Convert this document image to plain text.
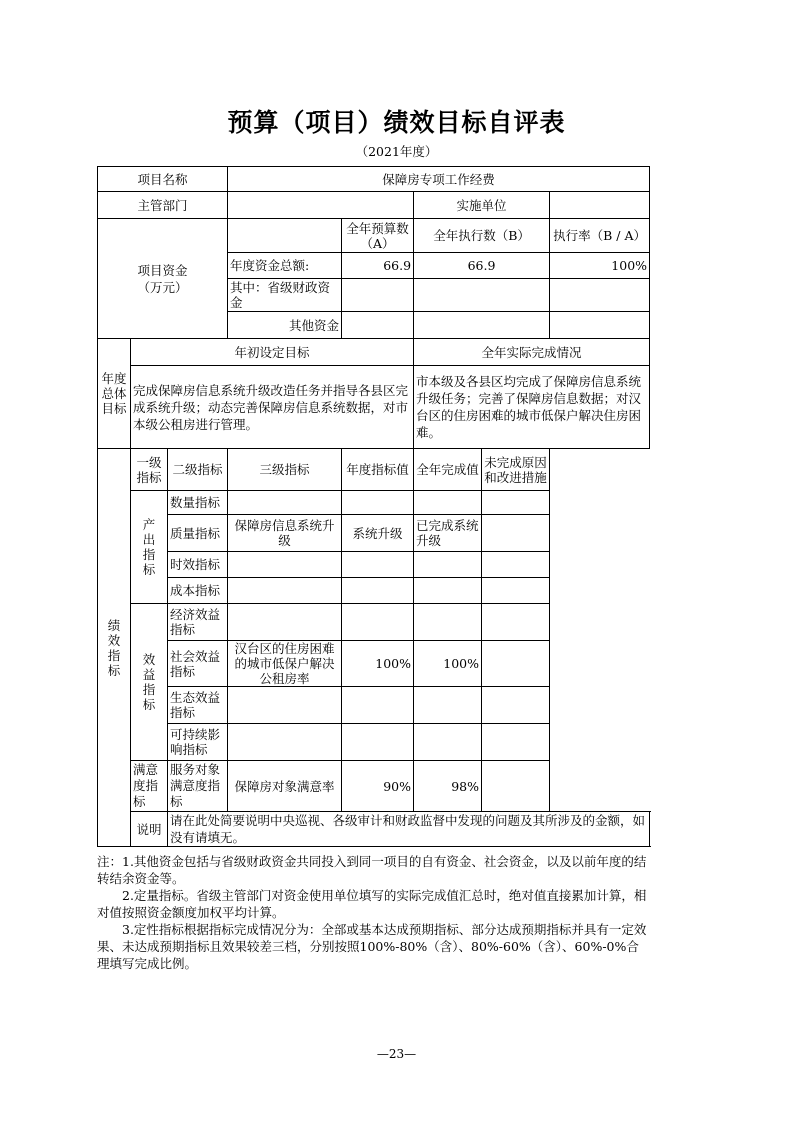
预算（项目）绩效目标自评表
（2021年度）
项目名称			保障房专项工作经费				
主管部门					实施单位		
项目资金
（万元）				全年预算数（A）	全年执行数（B）		执行率（B / A）
			年度资金总额:	66.9	66.9		100%
			其中：省级财政资金				
			其他资金				
年度总体目标	年初设定目标				全年实际完成情况		
	完成保障房信息系统升级改造任务并指导各县区完成系统升级；动态完善保障房信息系统数据，对市本级公租房进行管理。				市本级及各县区均完成了保障房信息系统升级任务；完善了保障房信息数据；对汉台区的住房困难的城市低保户解决住房困难。		
绩效指标	一级指标	二级指标	三级指标	年度指标值	全年完成值	未完成原因和改进措施	
	产出指标	数量指标					
		质量指标	保障房信息系统升级	系统升级	已完成系统升级		
		时效指标					
		成本指标					
	效益指标	经济效益指标					
		社会效益指标	汉台区的住房困难的城市低保户解决公租房率	100%	100%		
		生态效益指标					
		可持续影响指标					
	满意度指标	服务对象满意度指标	保障房对象满意率	90%	98%		
	说明	请在此处简要说明中央巡视、各级审计和财政监督中发现的问题及其所涉及的金额，如没有请填无。					

注：1.其他资金包括与省级财政资金共同投入到同一项目的自有资金、社会资金，以及以前年度的结转结余资金等。

2.定量指标。省级主管部门对资金使用单位填写的实际完成值汇总时，绝对值直接累加计算，相对值按照资金额度加权平均计算。

3.定性指标根据指标完成情况分为：全部或基本达成预期指标、部分达成预期指标并具有一定效果、未达成预期指标且效果较差三档，分别按照100%-80%（含）、80%-60%（含）、60%-0%合理填写完成比例。

—23—
